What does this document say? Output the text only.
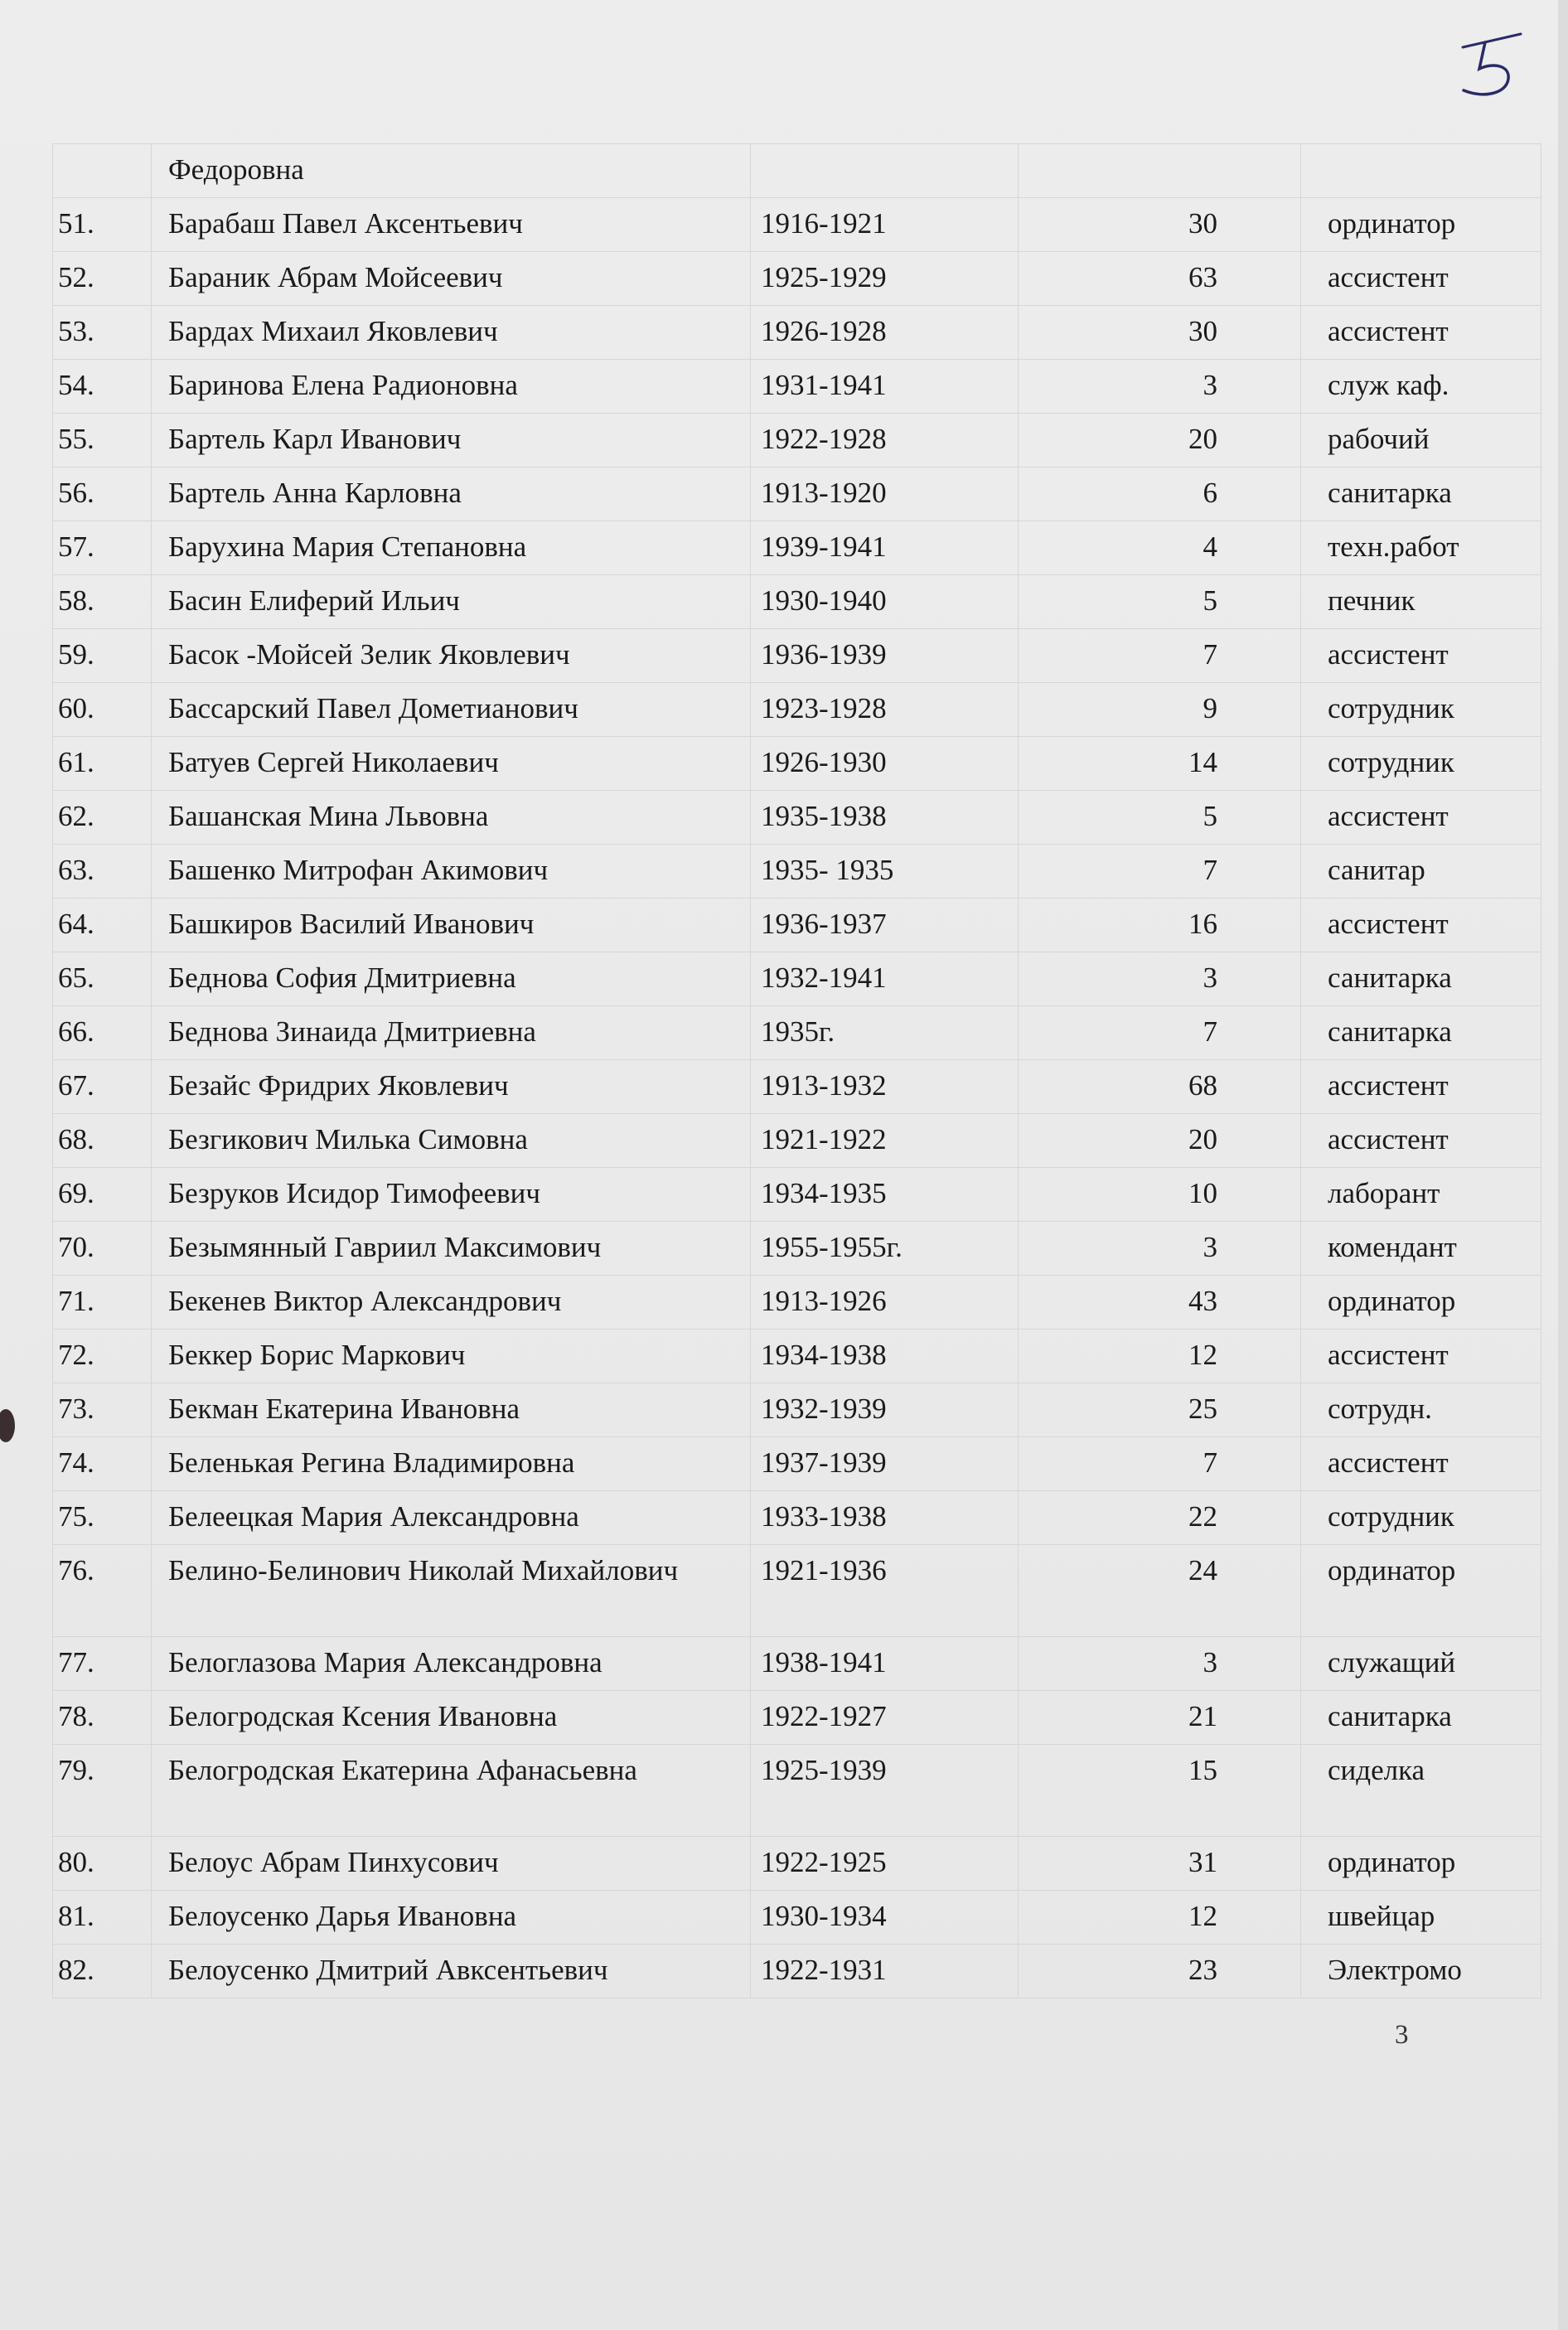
	Федоровна			
51.	Барабаш Павел Аксентьевич	1916-1921	30	ординатор
52.	Бараник Абрам Мойсеевич	1925-1929	63	ассистент
53.	Бардах Михаил Яковлевич	1926-1928	30	ассистент
54.	Баринова Елена Радионовна	1931-1941	3	служ каф.
55.	Бартель Карл Иванович	1922-1928	20	рабочий
56.	Бартель Анна Карловна	1913-1920	6	санитарка
57.	Барухина Мария Степановна	1939-1941	4	техн.работ
58.	Басин Елиферий Ильич	1930-1940	5	печник
59.	Басок -Мойсей Зелик Яковлевич	1936-1939	7	ассистент
60.	Бассарский Павел Дометианович	1923-1928	9	сотрудник
61.	Батуев Сергей Николаевич	1926-1930	14	сотрудник
62.	Башанская Мина Львовна	1935-1938	5	ассистент
63.	Башенко Митрофан Акимович	1935- 1935	7	санитар
64.	Башкиров Василий Иванович	1936-1937	16	ассистент
65.	Беднова София Дмитриевна	1932-1941	3	санитарка
66.	Беднова Зинаида Дмитриевна	1935г.	7	санитарка
67.	Безайс Фридрих Яковлевич	1913-1932	68	ассистент
68.	Безгикович Милька Симовна	1921-1922	20	ассистент
69.	Безруков Исидор Тимофеевич	1934-1935	10	лаборант
70.	Безымянный Гавриил Максимович	1955-1955г.	3	комендант
71.	Бекенев Виктор Александрович	1913-1926	43	ординатор
72.	Беккер Борис Маркович	1934-1938	12	ассистент
73.	Бекман Екатерина Ивановна	1932-1939	25	сотрудн.
74.	Беленькая Регина Владимировна	1937-1939	7	ассистент
75.	Белеецкая Мария Александровна	1933-1938	22	сотрудник
76.	Белино-Белинович Николай Михайлович	1921-1936	24	ординатор
77.	Белоглазова Мария Александровна	1938-1941	3	служащий
78.	Белогродская Ксения Ивановна	1922-1927	21	санитарка
79.	Белогродская Екатерина Афанасьевна	1925-1939	15	сиделка
80.	Белоус Абрам Пинхусович	1922-1925	31	ординатор
81.	Белоусенко Дарья Ивановна	1930-1934	12	швейцар
82.	Белоусенко Дмитрий Авксентьевич	1922-1931	23	Электромо
3
